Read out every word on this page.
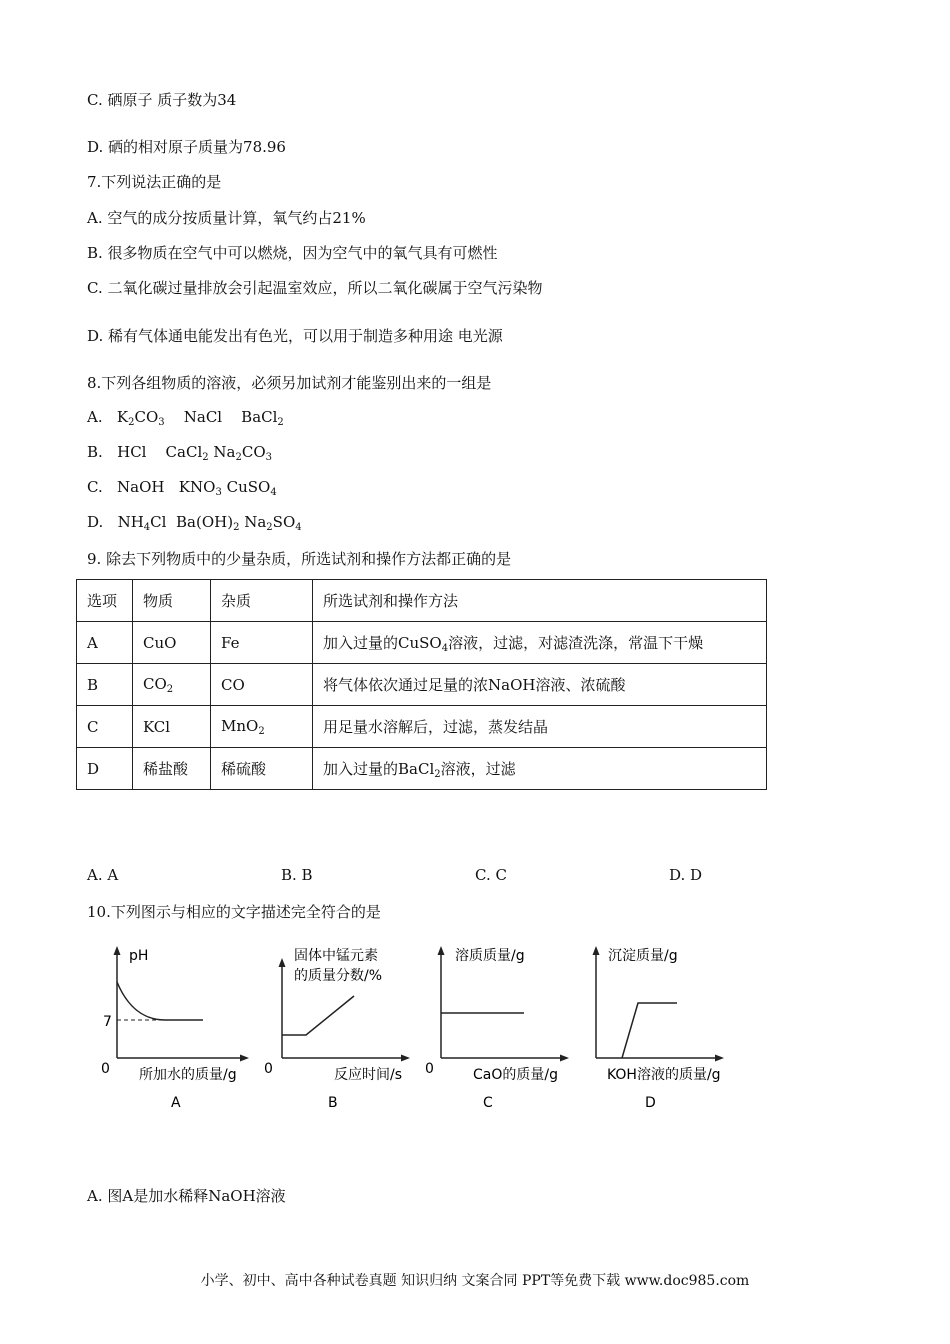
C. 硒原子 质子数为34
D. 硒的相对原子质量为78.96
7.下列说法正确的是
A. 空气的成分按质量计算，氧气约占21%
B. 很多物质在空气中可以燃烧，因为空气中的氧气具有可燃性
C. 二氧化碳过量排放会引起温室效应，所以二氧化碳属于空气污染物
D. 稀有气体通电能发出有色光，可以用于制造多种用途 电光源
8.下列各组物质的溶液，必须另加试剂才能鉴别出来的一组是
A. $K_2CO_3$ NaCl BaCl$_2$
B. HCl CaCl$_2$ $Na_2CO_3$
C. NaOH $KNO_3$ CuSO$_4$
D. $NH_4Cl$ $Ba(OH)_2$ $Na_2SO_4$
9. 除去下列物质中的少量杂质，所选试剂和操作方法都正确的是
选项	物质	杂质	所选试剂和操作方法
A	CuO	Fe	加入过量的CuSO$_4$溶液，过滤，对滤渣洗涤，常温下干燥
B	$CO_2$	CO	将气体依次通过足量的浓NaOH溶液、浓硫酸
C	KCl	MnO$_2$	用足量水溶解后，过滤，蒸发结晶
D	稀盐酸	稀硫酸	加入过量的BaCl$_2$溶液，过滤
A. A	B. B	C. C	D. D
10.下列图示与相应的文字描述完全符合的是
pH
7
0 所加水的质量/g
A
固体中锰元素
的质量分数/%
0	反应时间/s
B
溶质质量/g
0	CaO的质量/g
C
沉淀质量/g
KOH溶液的质量/g
D
A. 图A是加水稀释NaOH溶液
小学、初中、高中各种试卷真题 知识归纳 文案合同 PPT等免费下载 www.doc985.com
